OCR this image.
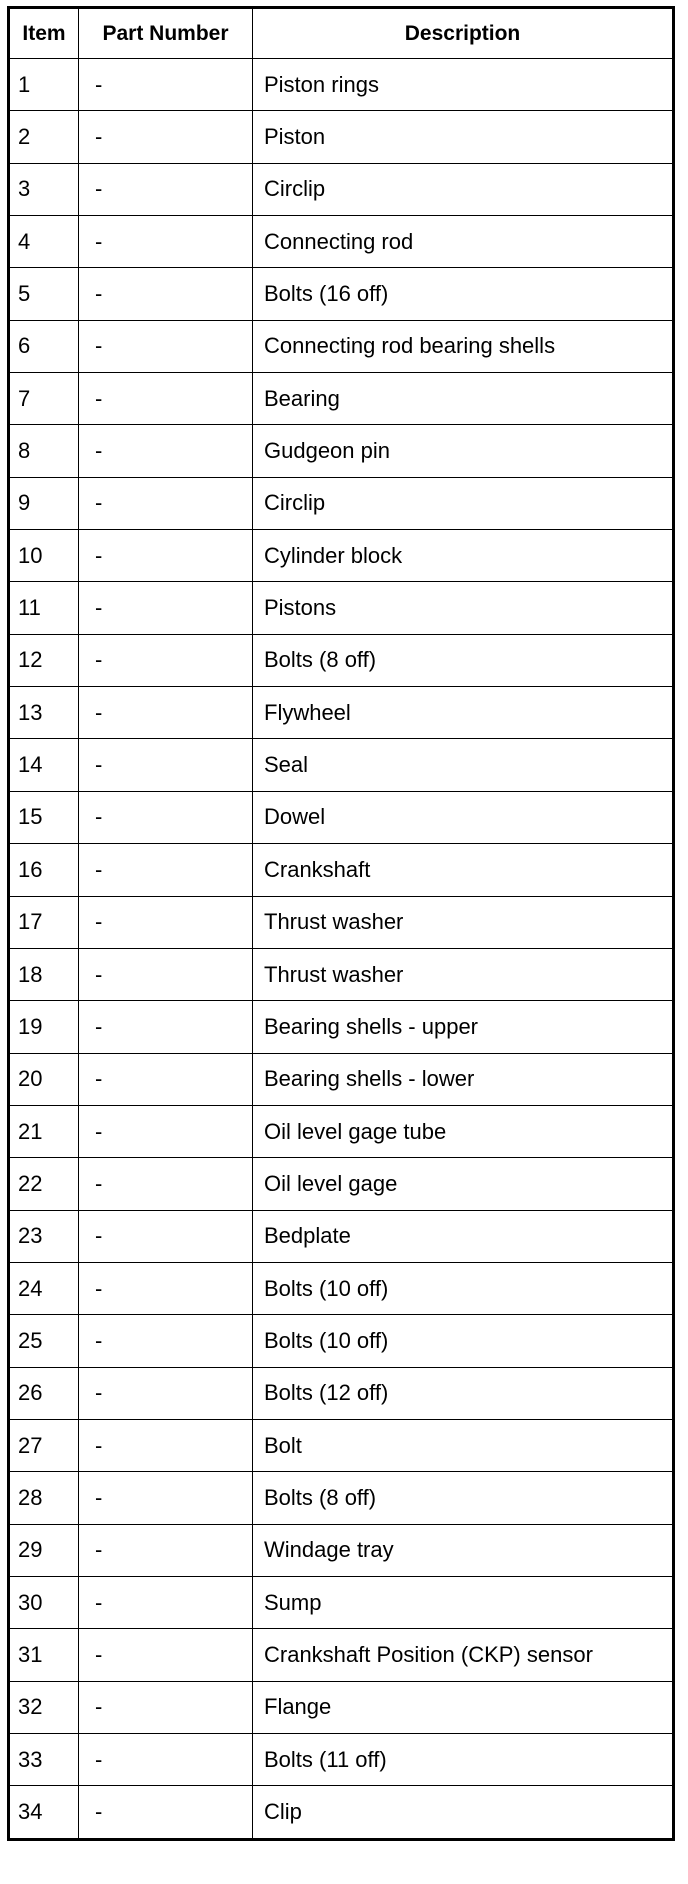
Item	Part Number	Description
1	-	Piston rings
2	-	Piston
3	-	Circlip
4	-	Connecting rod
5	-	Bolts (16 off)
6	-	Connecting rod bearing shells
7	-	Bearing
8	-	Gudgeon pin
9	-	Circlip
10	-	Cylinder block
11	-	Pistons
12	-	Bolts (8 off)
13	-	Flywheel
14	-	Seal
15	-	Dowel
16	-	Crankshaft
17	-	Thrust washer
18	-	Thrust washer
19	-	Bearing shells - upper
20	-	Bearing shells - lower
21	-	Oil level gage tube
22	-	Oil level gage
23	-	Bedplate
24	-	Bolts (10 off)
25	-	Bolts (10 off)
26	-	Bolts (12 off)
27	-	Bolt
28	-	Bolts (8 off)
29	-	Windage tray
30	-	Sump
31	-	Crankshaft Position (CKP) sensor
32	-	Flange
33	-	Bolts (11 off)
34	-	Clip
